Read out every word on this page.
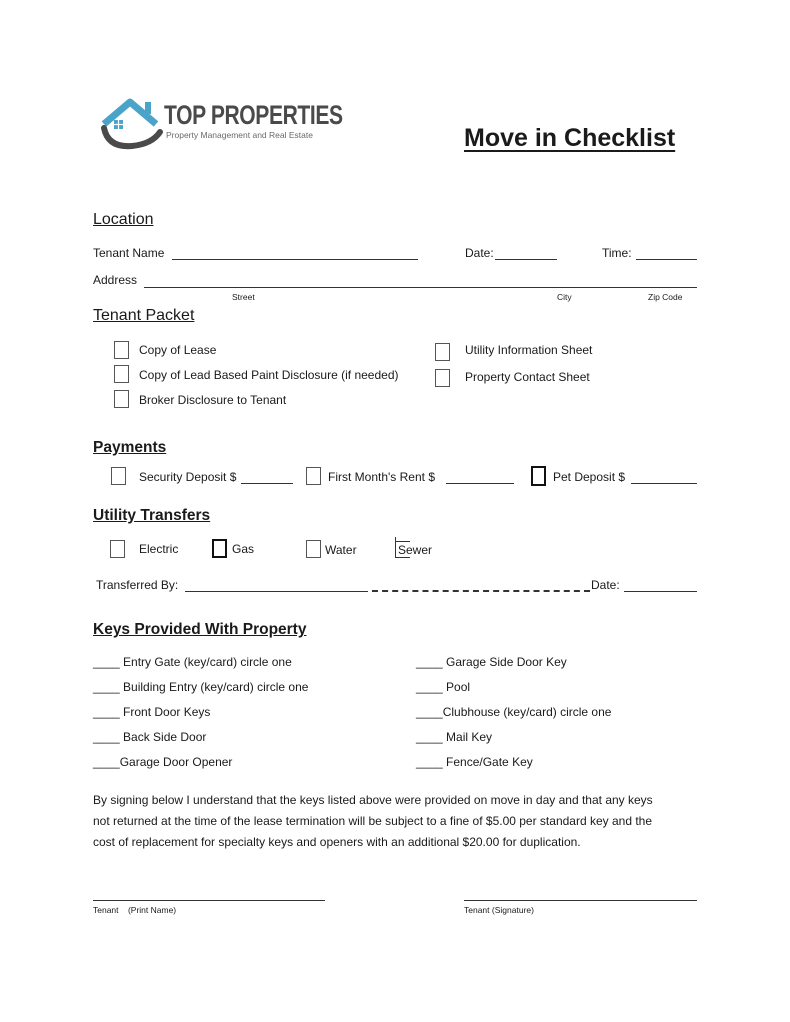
TOP PROPERTIES
Property Management and Real Estate	Move in Checklist
Location
Tenant Name	Date:	Time:
Address
Street	City	Zip Code
Tenant Packet
Copy of Lease
Copy of Lead Based Paint Disclosure (if needed)
Broker Disclosure to Tenant
Utility Information Sheet
Property Contact Sheet
Payments
Security Deposit $	First Month's Rent $	Pet Deposit $
Utility Transfers
Electric	Gas	Water	Sewer
Transferred By:	Date:
Keys Provided With Property
____ Entry Gate (key/card) circle one
____ Building Entry (key/card) circle one
____ Front Door Keys
____ Back Side Door
____Garage Door Opener
____ Garage Side Door Key
____ Pool
____Clubhouse (key/card) circle one
____ Mail Key
____ Fence/Gate Key
By signing below I understand that the keys listed above were provided on move in day and that any keys
not returned at the time of the lease termination will be subject to a fine of $5.00 per standard key and the
cost of replacement for specialty keys and openers with an additional $20.00 for duplication.
Tenant    (Print Name)	Tenant (Signature)
